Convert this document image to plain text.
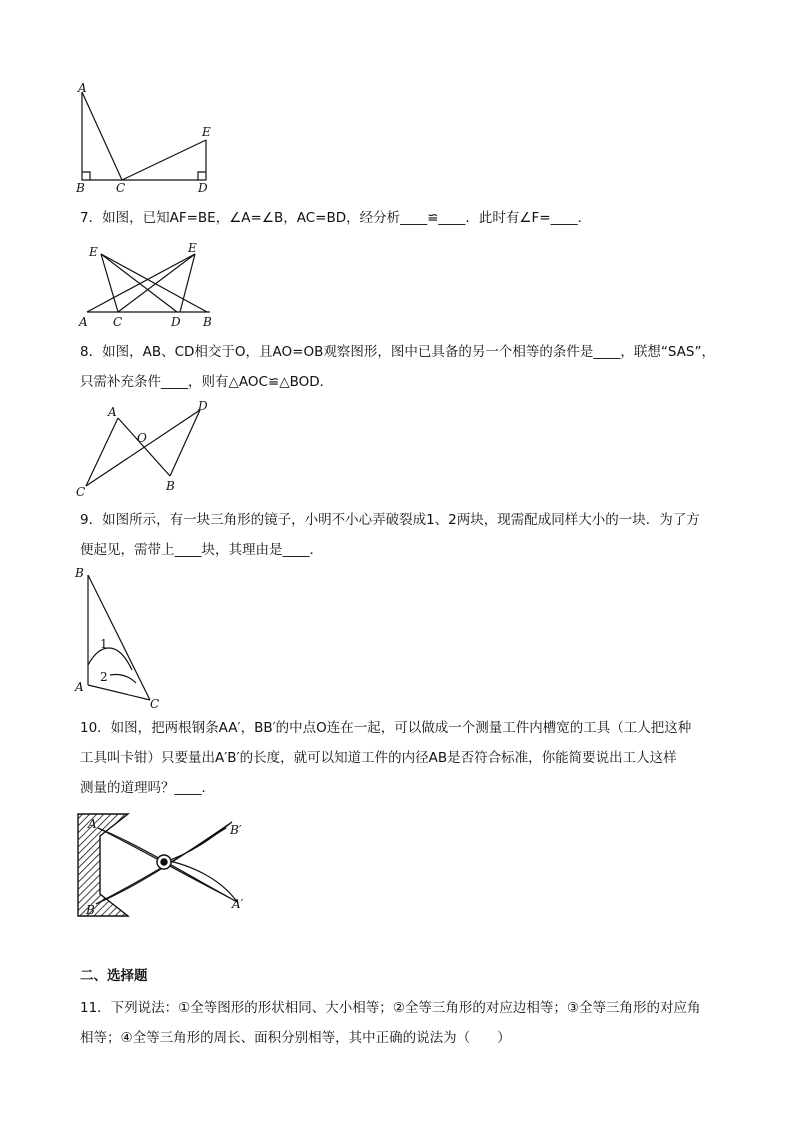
A
B	C	D
E
7．如图，已知AF=BE，∠A=∠B，AC=BD，经分析____≌____．此时有∠F=____．
E	E
A C	D B
8．如图，AB、CD相交于O，且AO=OB观察图形，图中已具备的另一个相等的条件是____，联想“SAS”，
只需补充条件____，则有△AOC≌△BOD．
A	D
O
C	B
9．如图所示，有一块三角形的镜子，小明不小心弄破裂成1、2两块，现需配成同样大小的一块．为了方
便起见，需带上____块，其理由是____．
1
2
B
A
C
10．如图，把两根钢条AA′，BB′的中点O连在一起，可以做成一个测量工件内槽宽的工具（工人把这种
工具叫卡钳）只要量出A′B′的长度，就可以知道工件的内径AB是否符合标准，你能简要说出工人这样
测量的道理吗？____．
A
B
B′
A′
二、选择题
11．下列说法：①全等图形的形状相同、大小相等；②全等三角形的对应边相等；③全等三角形的对应角
相等；④全等三角形的周长、面积分别相等，其中正确的说法为（　　）
